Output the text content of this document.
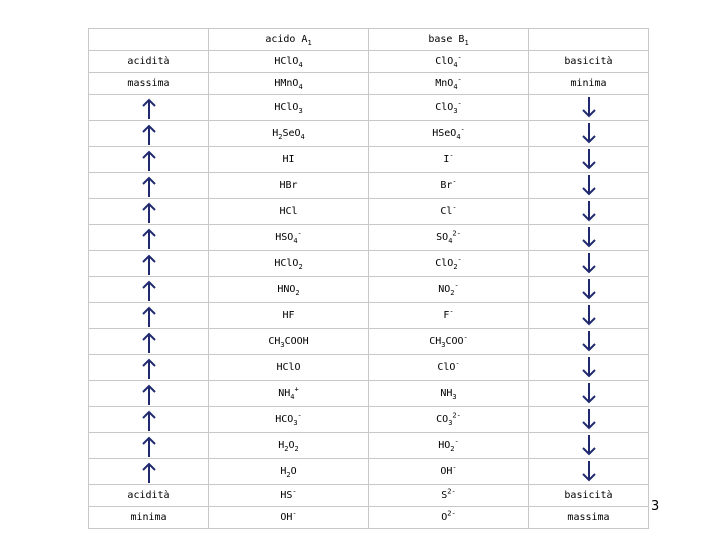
	acido $A_1$	base $B_1$	
acidità	HClO$_4$	ClO$_4$-	basicità
massima	HMnO$_4$	MnO$_4$-	minima

	HClO$_3$	ClO$_3$-	

	$H_2SeO_4$	HSeO$_4$-	

	HI	I-	

	HBr	Br-	

	HCl	Cl-	

	$HSO_4^-$	$SO_4^{2-}$	

	HClO$_2$	ClO$_2$-	

	$HNO_2$	$NO_2^-$	

	HF	F-	

	$CH_3COOH$	$CH_3COO^-$	

	HClO	ClO-	

	$NH_4^+$	$NH_3$	

	$HCO_3^-$	$CO_3^{2-}$	

	$H_2O_2$	$HO_2^-$	

	$H_2O$	OH-	

acidità	HS-	$S^{2-}$	basicità
minima	OH-	$O^{2-}$	massima
3
